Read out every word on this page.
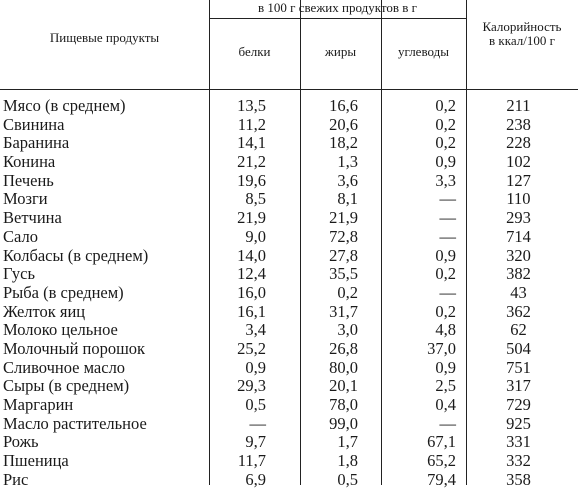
Пищевые продукты
в 100 г свежих продуктов в г
белки	жиры	углеводы
Калорийность
в ккал/100 г
Мясо (в среднем)	13,5	16,6	0,2	211
Свинина	11,2	20,6	0,2	238
Баранина	14,1	18,2	0,2	228
Конина	21,2	1,3	0,9	102
Печень	19,6	3,6	3,3	127
Мозги	8,5	8,1	—	110
Ветчина	21,9	21,9	—	293
Сало	9,0	72,8	—	714
Колбасы (в среднем)	14,0	27,8	0,9	320
Гусь	12,4	35,5	0,2	382
Рыба (в среднем)	16,0	0,2	—	43
Желток яиц	16,1	31,7	0,2	362
Молоко цельное	3,4	3,0	4,8	62
Молочный порошок	25,2	26,8	37,0	504
Сливочное масло	0,9	80,0	0,9	751
Сыры (в среднем)	29,3	20,1	2,5	317
Маргарин	0,5	78,0	0,4	729
Масло растительное	—	99,0	—	925
Рожь	9,7	1,7	67,1	331
Пшеница	11,7	1,8	65,2	332
Рис	6,9	0,5	79,4	358
